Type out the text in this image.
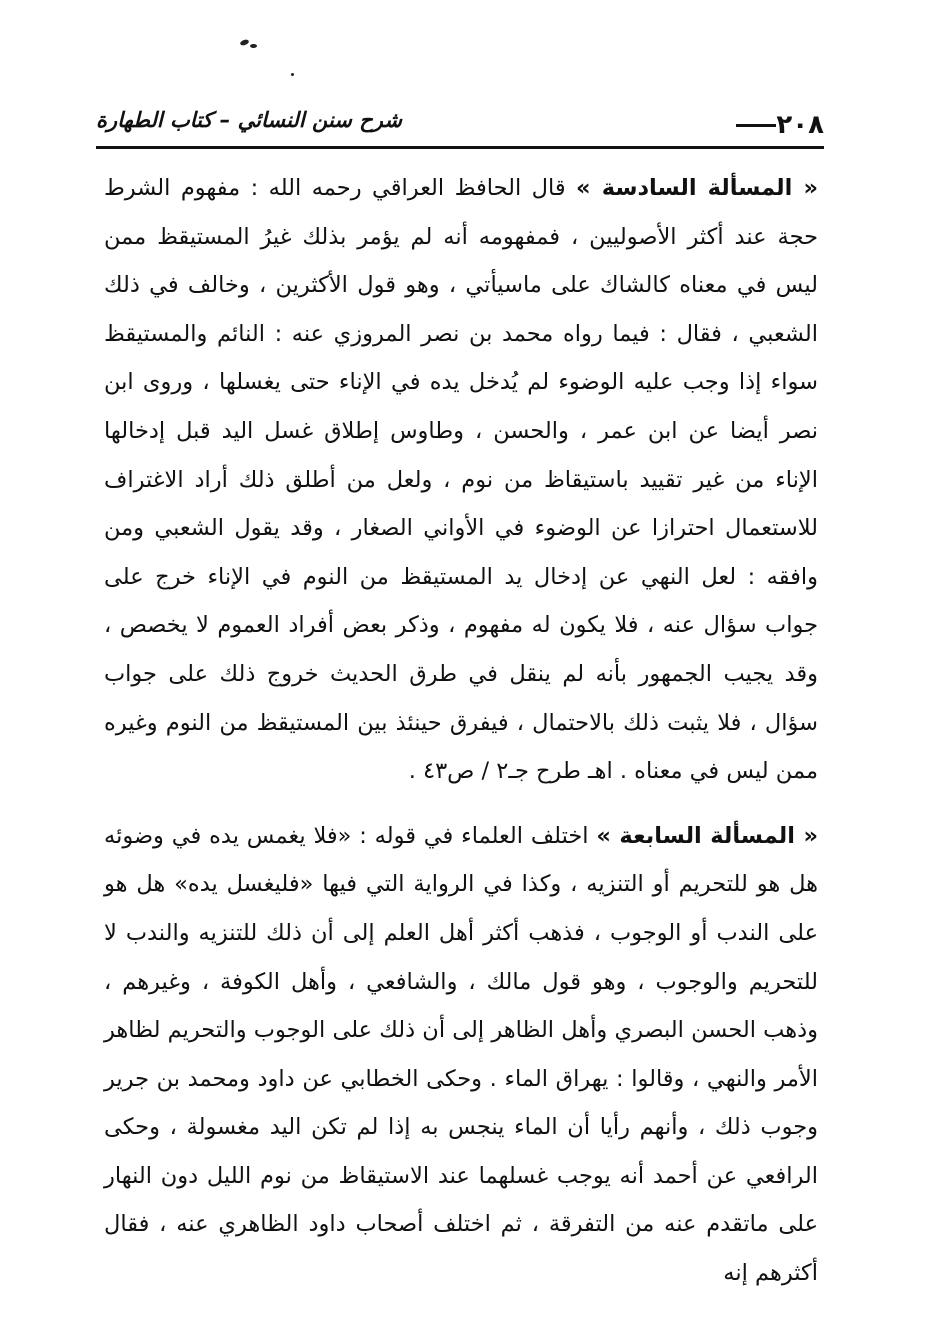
٢٠٨
شرح سنن النسائي – كتاب الطهارة

« المسألة السادسة » قال الحافظ العراقي رحمه الله : مفهوم الشرط حجة عند أكثر الأصوليين ، فمفهومه أنه لم يؤمر بذلك غيرُ المستيقظ ممن ليس في معناه كالشاك على ماسيأتي ، وهو قول الأكثرين ، وخالف في ذلك الشعبي ، فقال : فيما رواه محمد بن نصر المروزي عنه : النائم والمستيقظ سواء إذا وجب عليه الوضوء لم يُدخل يده في الإناء حتى يغسلها ، وروى ابن نصر أيضا عن ابن عمر ، والحسن ، وطاوس إطلاق غسل اليد قبل إدخالها الإناء من غير تقييد باستيقاظ من نوم ، ولعل من أطلق ذلك أراد الاغتراف للاستعمال احترازا عن الوضوء في الأواني الصغار ، وقد يقول الشعبي ومن وافقه : لعل النهي عن إدخال يد المستيقظ من النوم في الإناء خرج على جواب سؤال عنه ، فلا يكون له مفهوم ، وذكر بعض أفراد العموم لا يخصص ، وقد يجيب الجمهور بأنه لم ينقل في طرق الحديث خروج ذلك على جواب سؤال ، فلا يثبت ذلك بالاحتمال ، فيفرق حينئذ بين المستيقظ من النوم وغيره ممن ليس في معناه . اهـ طرح جـ٢ / ص٤٣ .

« المسألة السابعة » اختلف العلماء في قوله : «فلا يغمس يده في وضوئه هل هو للتحريم أو التنزيه ، وكذا في الرواية التي فيها «فليغسل يده» هل هو على الندب أو الوجوب ، فذهب أكثر أهل العلم إلى أن ذلك للتنزيه والندب لا للتحريم والوجوب ، وهو قول مالك ، والشافعي ، وأهل الكوفة ، وغيرهم ، وذهب الحسن البصري وأهل الظاهر إلى أن ذلك على الوجوب والتحريم لظاهر الأمر والنهي ، وقالوا : يهراق الماء . وحكى الخطابي عن داود ومحمد بن جرير وجوب ذلك ، وأنهم رأيا أن الماء ينجس به إذا لم تكن اليد مغسولة ، وحكى الرافعي عن أحمد أنه يوجب غسلهما عند الاستيقاظ من نوم الليل دون النهار على ماتقدم عنه من التفرقة ، ثم اختلف أصحاب داود الظاهري عنه ، فقال أكثرهم إنه
